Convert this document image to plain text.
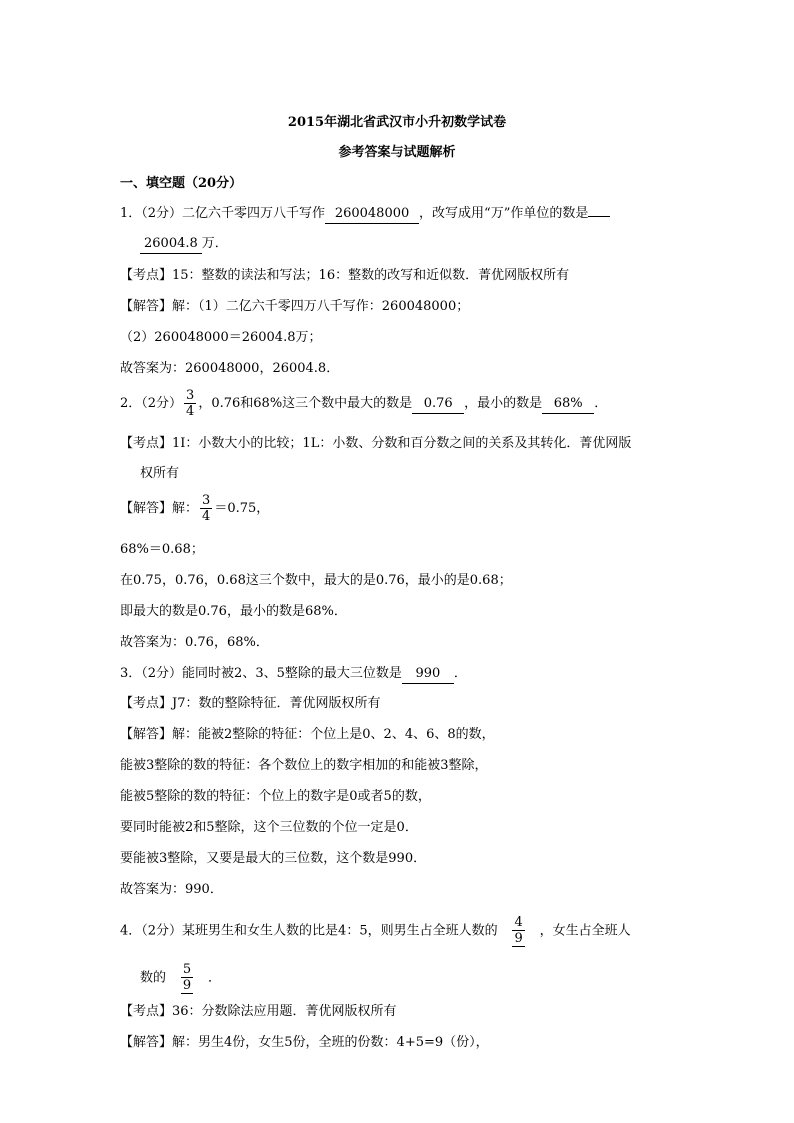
2015年湖北省武汉市小升初数学试卷
参考答案与试题解析
一、填空题（20分）
1．（2分）二亿六千零四万八千写作 260048000 ，改写成用“万”作单位的数是
26004.8 万．
【考点】15：整数的读法和写法；16：整数的改写和近似数．菁优网版权所有
【解答】解：（1）二亿六千零四万八千写作：260048000；
（2）260048000＝26004.8万；
故答案为：260048000，26004.8．
2．（2分） $\frac{3}{4}$ ，0.76和68%这三个数中最大的数是 0.76 ，最小的数是 68% ．
【考点】1I：小数大小的比较；1L：小数、分数和百分数之间的关系及其转化．菁优网版
权所有
【解答】解： $\frac{3}{4} =0.75$，
68%＝0.68；
在0.75，0.76，0.68这三个数中，最大的是0.76，最小的是0.68；
即最大的数是0.76，最小的数是68%．
故答案为：0.76，68%．
3．（2分）能同时被2、3、5整除的最大三位数是 990 ．
【考点】J7：数的整除特征．菁优网版权所有
【解答】解：能被2整除的特征：个位上是0、2、4、6、8的数，
能被3整除的数的特征：各个数位上的数字相加的和能被3整除，
能被5整除的数的特征：个位上的数字是0或者5的数，
要同时能被2和5整除，这个三位数的个位一定是0．
要能被3整除，又要是最大的三位数，这个数是990．
故答案为：990．
4．（2分）某班男生和女生人数的比是4：5，则男生占全班人数的 $\frac{4}{9}$ ，女生占全班人
数的 $\frac{5}{9}$ ．
【考点】36：分数除法应用题．菁优网版权所有
【解答】解：男生4份，女生5份，全班的份数：4+5=9（份），
